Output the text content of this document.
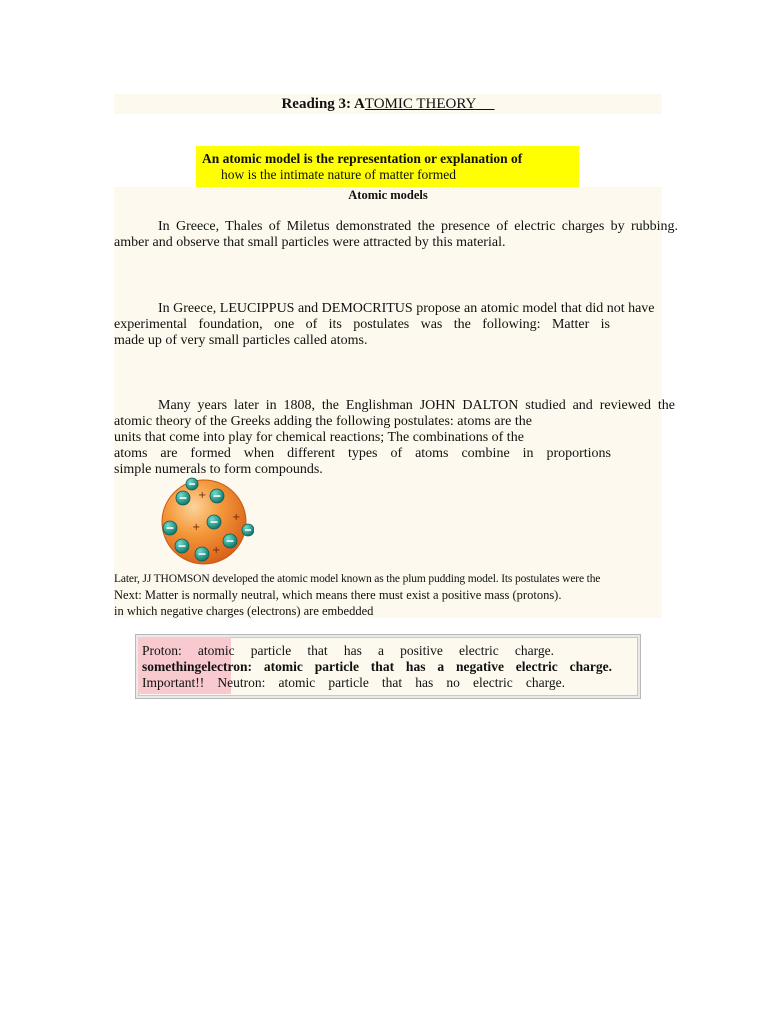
Reading 3: ATOMIC THEORY
An atomic model is the representation or explanation of
how is the intimate nature of matter formed
Atomic models
In Greece, Thales of Miletus demonstrated the presence of electric charges by rubbing.
amber and observe that small particles were attracted by this material.
In Greece, LEUCIPPUS and DEMOCRITUS propose an atomic model that did not have
experimental foundation, one of its postulates was the following: Matter is
made up of very small particles called atoms.
Many years later in 1808, the Englishman JOHN DALTON studied and reviewed the
atomic theory of the Greeks adding the following postulates: atoms are the
units that come into play for chemical reactions; The combinations of the
atoms are formed when different types of atoms combine in proportions
simple numerals to form compounds.
+
+
+
+
Later, JJ THOMSON developed the atomic model known as the plum pudding model. Its postulates were the
Next: Matter is normally neutral, which means there must exist a positive mass (protons).
in which negative charges (electrons) are embedded
Proton: atomic particle that has a positive electric charge.
somethingelectron: atomic particle that has a negative electric charge.
Important!! Neutron: atomic particle that has no electric charge.
